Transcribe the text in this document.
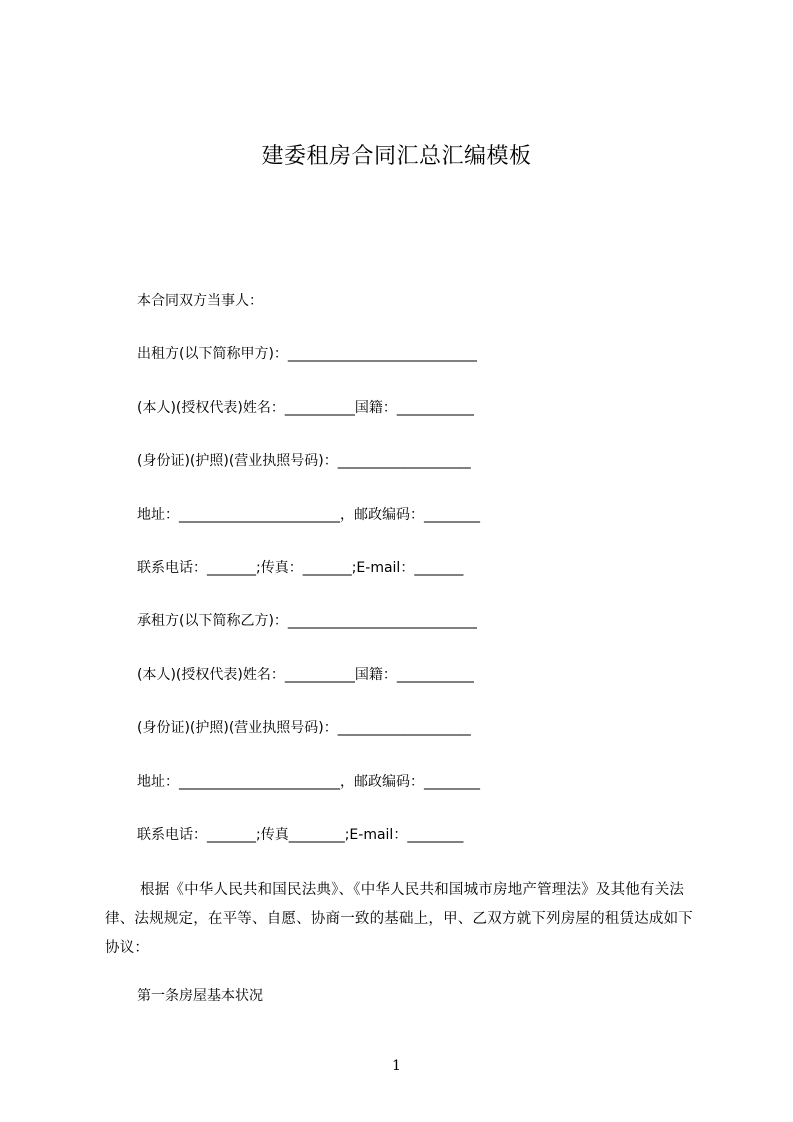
建委租房合同汇总汇编模板

本合同双方当事人：

出租方(以下简称甲方)：___________________________

(本人)(授权代表)姓名：__________国籍：___________

(身份证)(护照)(营业执照号码)：___________________

地址：_______________________，邮政编码：________

联系电话：_______;传真：_______;E-mail：_______

承租方(以下简称乙方)：___________________________

(本人)(授权代表)姓名：__________国籍：___________

(身份证)(护照)(营业执照号码)：___________________

地址：_______________________，邮政编码：________

联系电话：_______;传真________;E-mail：________

根据《中华人民共和国民法典》、《中华人民共和国城市房地产管理法》及其他有关法律、法规规定，在平等、自愿、协商一致的基础上，甲、乙双方就下列房屋的租赁达成如下协议：

第一条房屋基本状况

1
